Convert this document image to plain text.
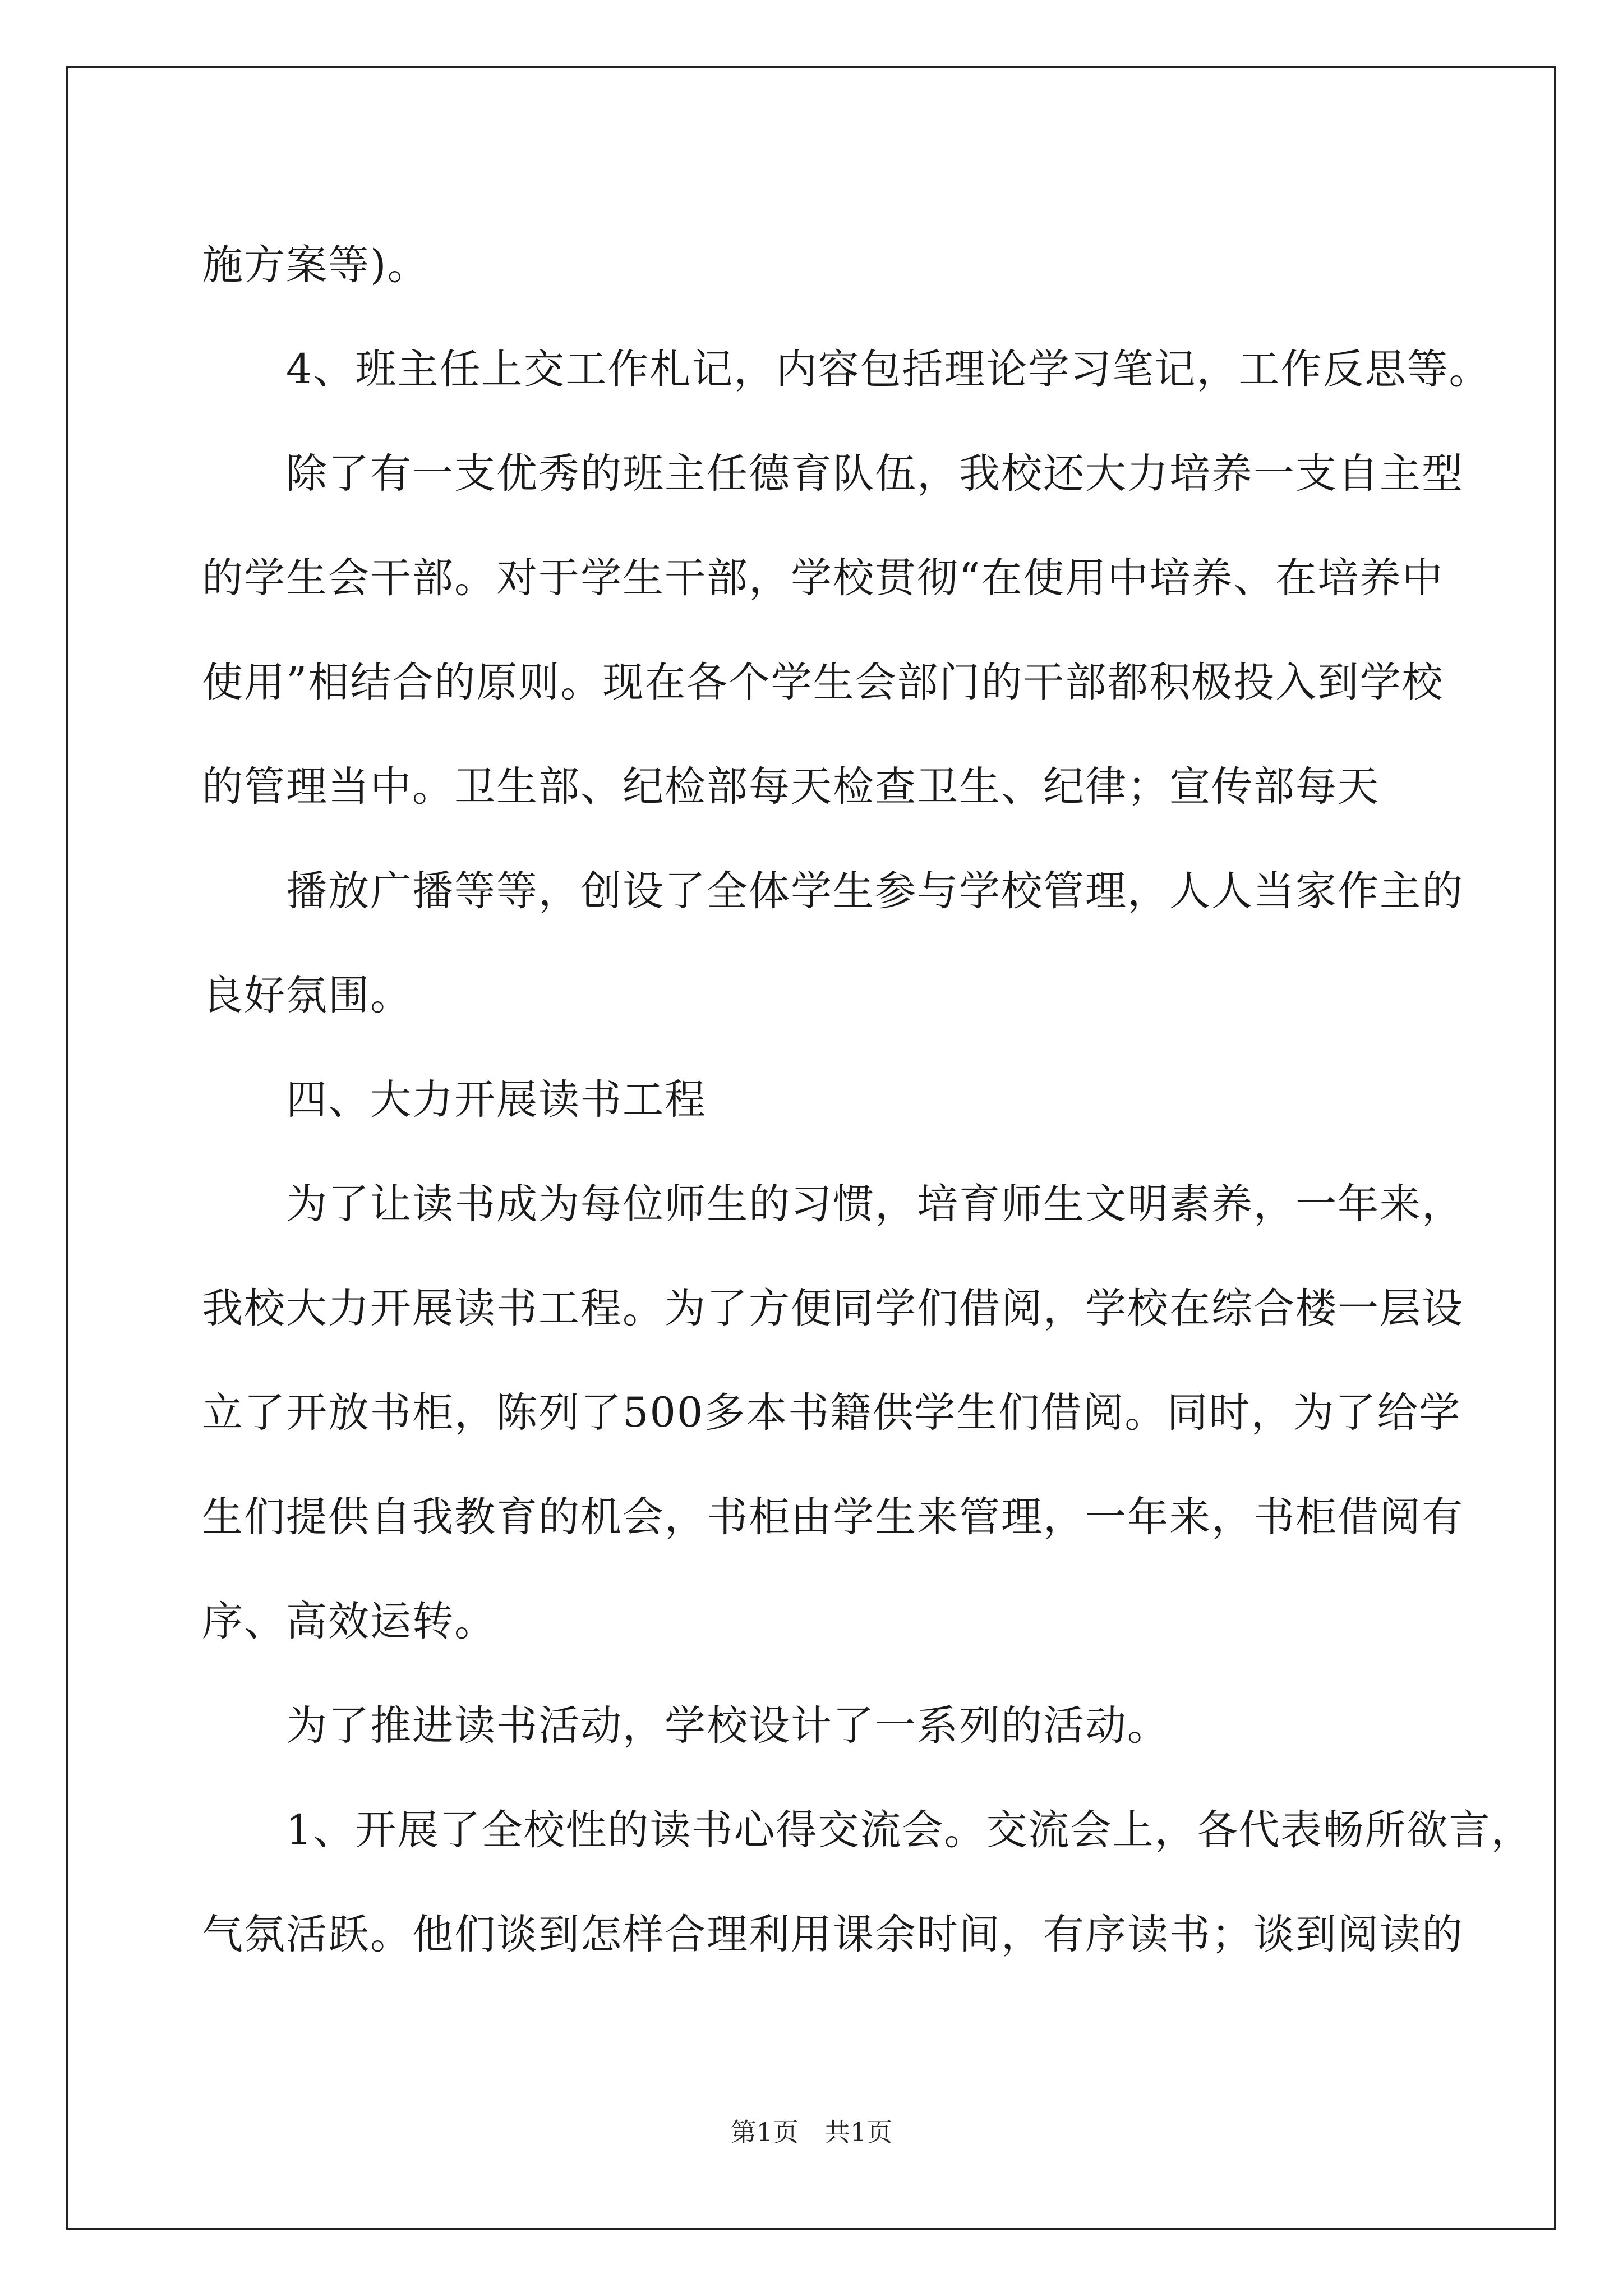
施方案等)。
　　4、班主任上交工作札记，内容包括理论学习笔记，工作反思等。
　　除了有一支优秀的班主任德育队伍，我校还大力培养一支自主型
的学生会干部。对于学生干部，学校贯彻“在使用中培养、在培养中
使用”相结合的原则。现在各个学生会部门的干部都积极投入到学校
的管理当中。卫生部、纪检部每天检查卫生、纪律；宣传部每天
　　播放广播等等，创设了全体学生参与学校管理，人人当家作主的
良好氛围。
　　四、大力开展读书工程
　　为了让读书成为每位师生的习惯，培育师生文明素养，一年来，
我校大力开展读书工程。为了方便同学们借阅，学校在综合楼一层设
立了开放书柜，陈列了500多本书籍供学生们借阅。同时，为了给学
生们提供自我教育的机会，书柜由学生来管理，一年来，书柜借阅有
序、高效运转。
　　为了推进读书活动，学校设计了一系列的活动。
　　1、开展了全校性的读书心得交流会。交流会上，各代表畅所欲言，
气氛活跃。他们谈到怎样合理利用课余时间，有序读书；谈到阅读的
第1页　共1页
